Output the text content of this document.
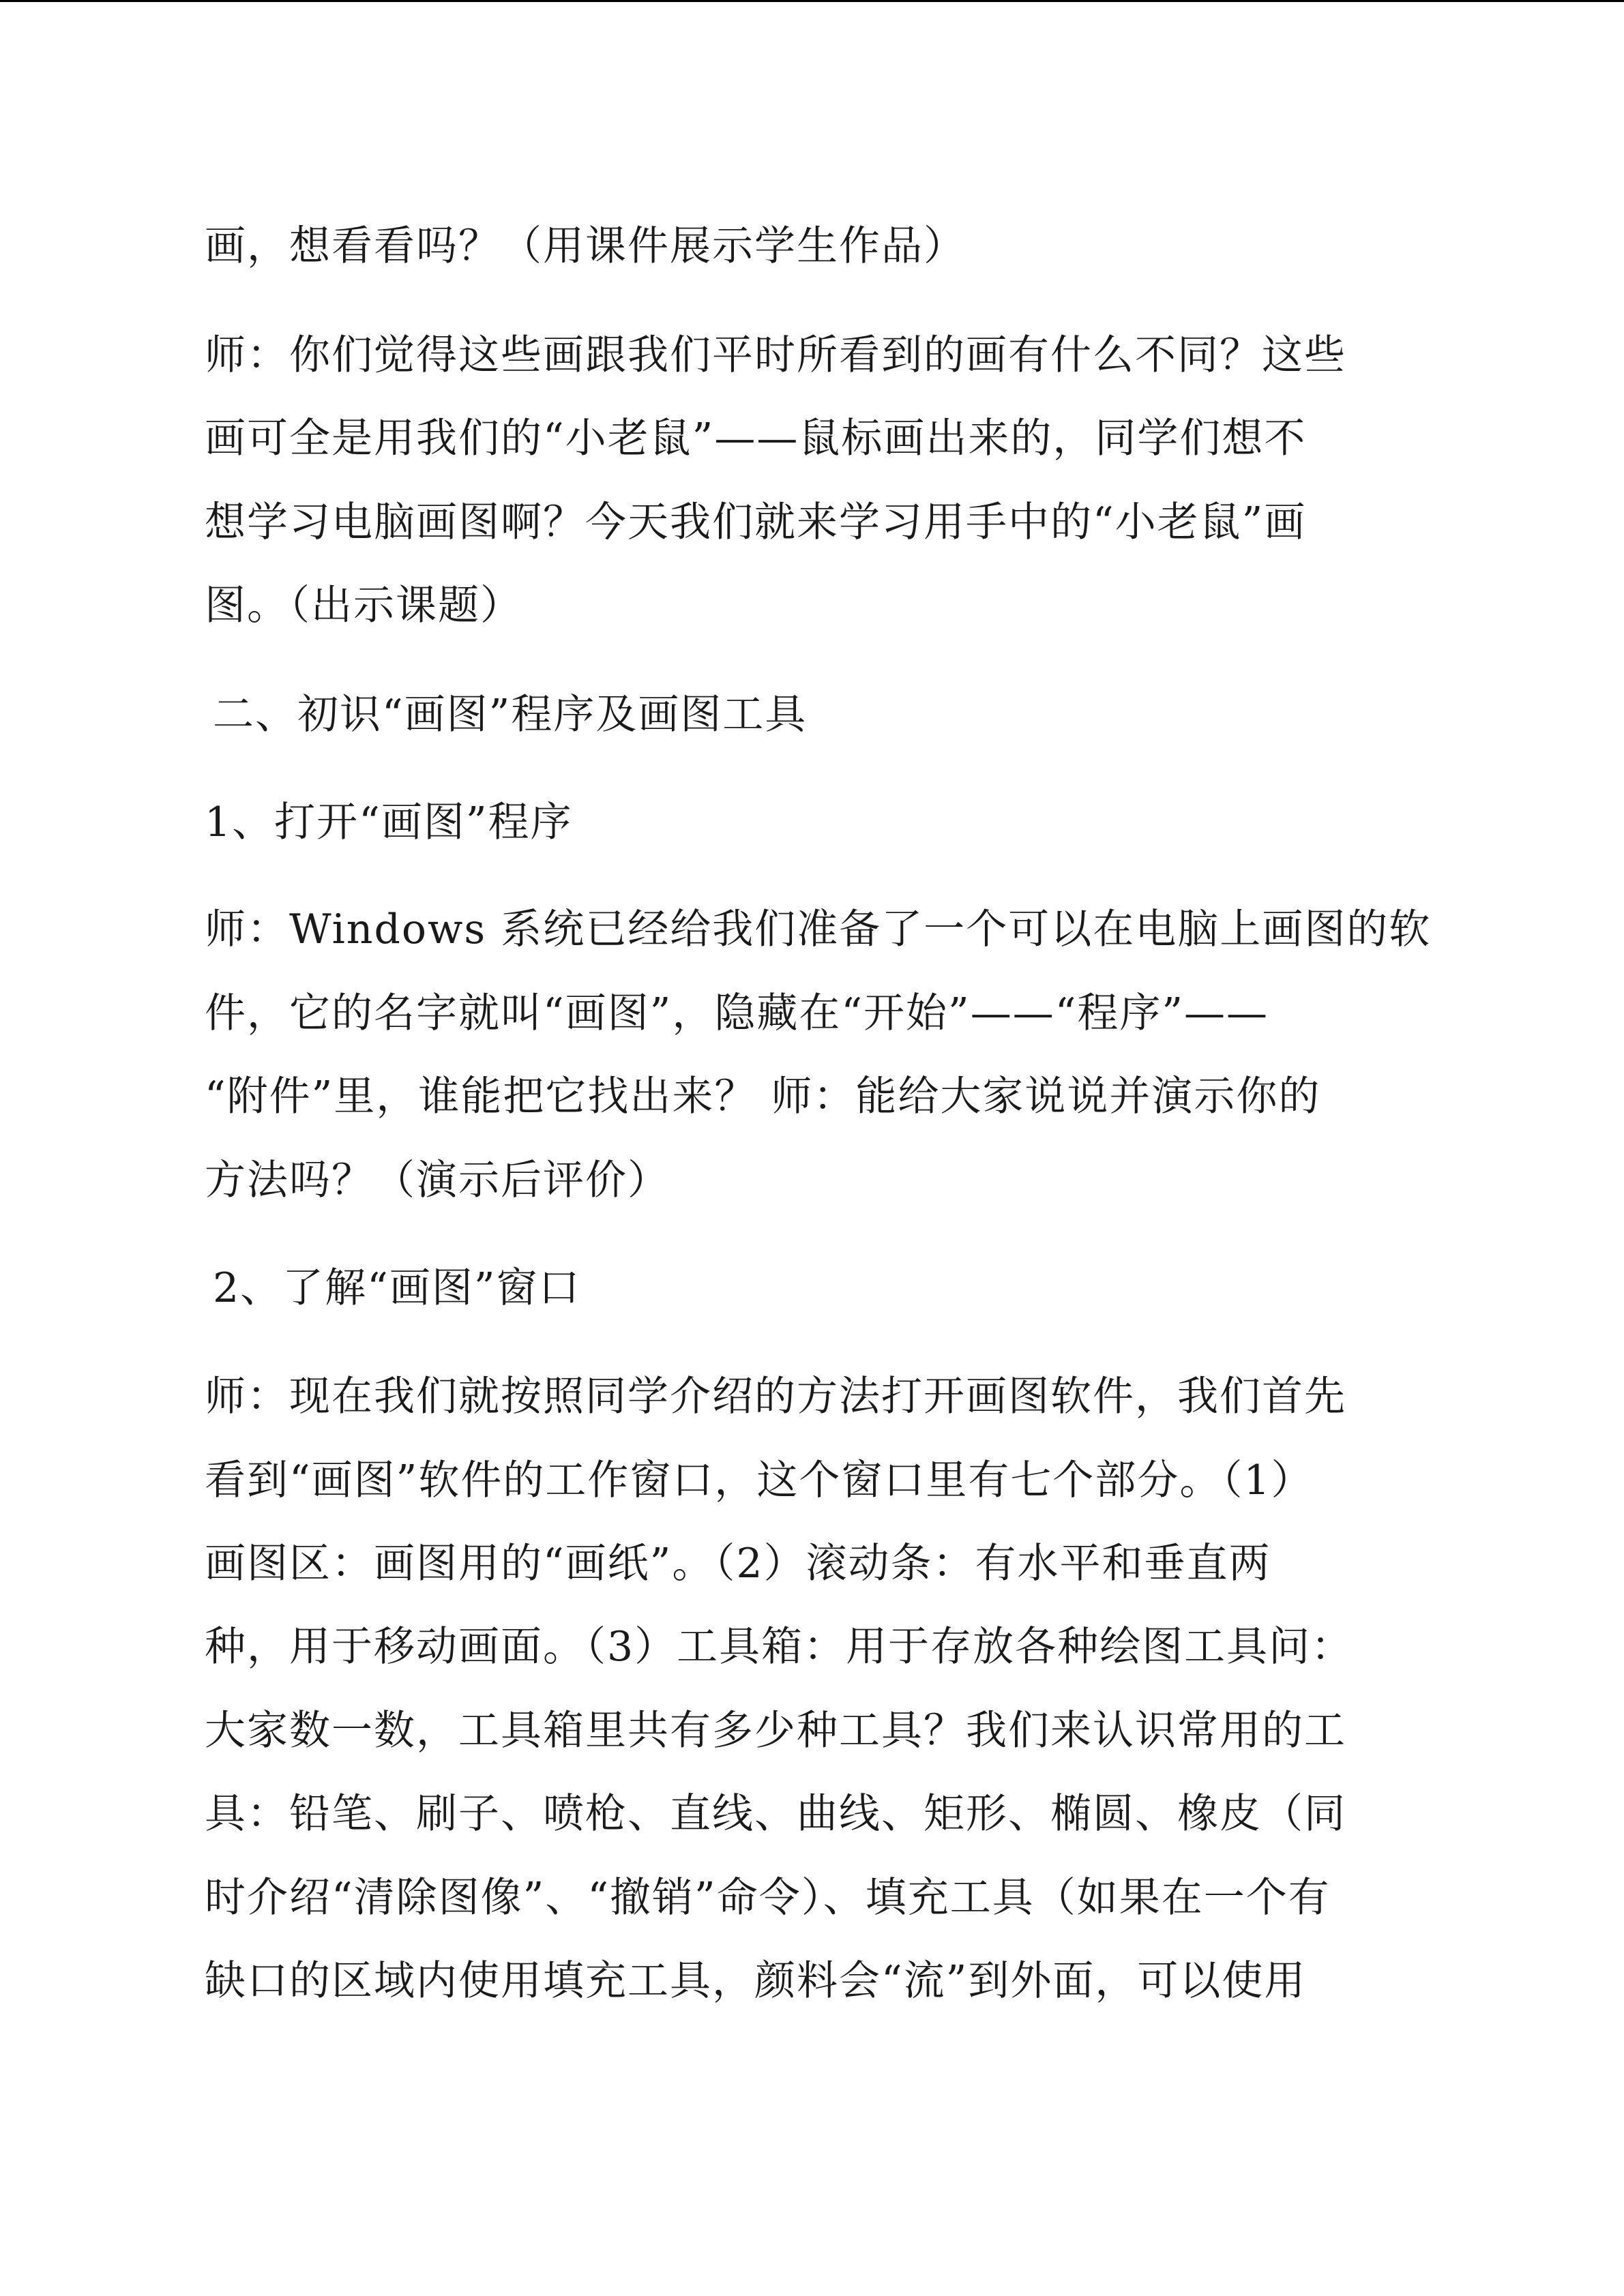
画，想看看吗？（用课件展示学生作品）

师：你们觉得这些画跟我们平时所看到的画有什么不同？这些

画可全是用我们的“小老鼠”——鼠标画出来的，同学们想不

想学习电脑画图啊？今天我们就来学习用手中的“小老鼠”画

图。（出示课题）

二、初识“画图”程序及画图工具

1、打开“画图”程序

师：Windows 系统已经给我们准备了一个可以在电脑上画图的软

件，它的名字就叫“画图”，隐藏在“开始”——“程序”——

“附件”里，谁能把它找出来？ 师：能给大家说说并演示你的

方法吗？（演示后评价）

2、了解“画图”窗口

师：现在我们就按照同学介绍的方法打开画图软件，我们首先

看到“画图”软件的工作窗口，这个窗口里有七个部分。（1）

画图区：画图用的“画纸”。（2）滚动条：有水平和垂直两

种，用于移动画面。（3）工具箱：用于存放各种绘图工具问：

大家数一数，工具箱里共有多少种工具？我们来认识常用的工

具：铅笔、刷子、喷枪、直线、曲线、矩形、椭圆、橡皮（同

时介绍“清除图像”、“撤销”命令）、填充工具（如果在一个有

缺口的区域内使用填充工具，颜料会“流”到外面，可以使用
